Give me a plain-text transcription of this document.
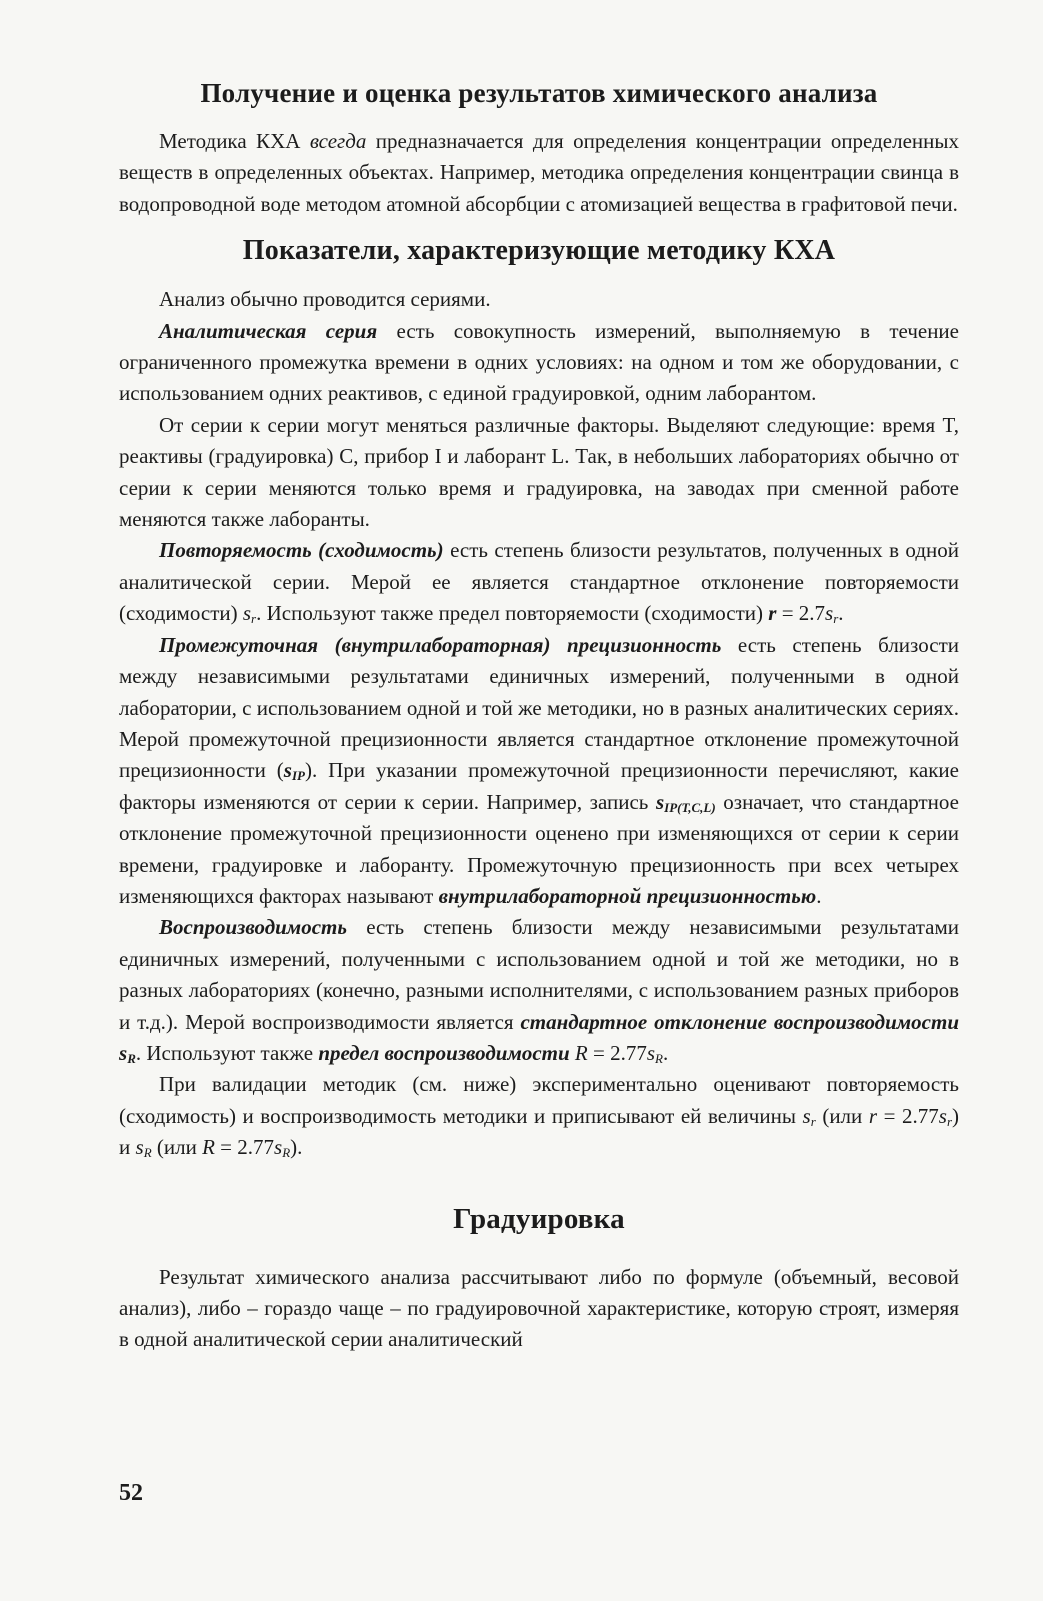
Получение и оценка результатов химического анализа

Методика КХА всегда предназначается для определения концентрации определенных веществ в определенных объектах. Например, методика определения концентрации свинца в водопроводной воде методом атомной абсорбции с атомизацией вещества в графитовой печи.

Показатели, характеризующие методику КХА

Анализ обычно проводится сериями.

Аналитическая серия есть совокупность измерений, выполняемую в течение ограниченного промежутка времени в одних условиях: на одном и том же оборудовании, с использованием одних реактивов, с единой градуировкой, одним лаборантом.

От серии к серии могут меняться различные факторы. Выделяют следующие: время T, реактивы (градуировка) C, прибор I и лаборант L. Так, в небольших лабораториях обычно от серии к серии меняются только время и градуировка, на заводах при сменной работе меняются также лаборанты.

Повторяемость (сходимость) есть степень близости результатов, полученных в одной аналитической серии. Мерой ее является стандартное отклонение повторяемости (сходимости) $s_r$. Используют также предел повторяемости (сходимости) $r = 2.7s_r$.

Промежуточная (внутрилабораторная) прецизионность есть степень близости между независимыми результатами единичных измерений, полученными в одной лаборатории, с использованием одной и той же методики, но в разных аналитических сериях. Мерой промежуточной прецизионности является стандартное отклонение промежуточной прецизионности $(s_{IP})$. При указании промежуточной прецизионности перечисляют, какие факторы изменяются от серии к серии. Например, запись $s_{IP(T,C,L)}$ означает, что стандартное отклонение промежуточной прецизионности оценено при изменяющихся от серии к серии времени, градуировке и лаборанту. Промежуточную прецизионность при всех четырех изменяющихся факторах называют внутрилабораторной прецизионностью.

Воспроизводимость есть степень близости между независимыми результатами единичных измерений, полученными с использованием одной и той же методики, но в разных лабораториях (конечно, разными исполнителями, с использованием разных приборов и т.д.). Мерой воспроизводимости является стандартное отклонение воспроизводимости $s_R$. Используют также предел воспроизводимости $R = 2.77s_R$.

При валидации методик (см. ниже) экспериментально оценивают повторяемость (сходимость) и воспроизводимость методики и приписывают ей величины $s_r$ (или $r = 2.77s_r$) и $s_R$ (или $R = 2.77s_R$).

Градуировка

Результат химического анализа рассчитывают либо по формуле (объемный, весовой анализ), либо – гораздо чаще – по градуировочной характеристике, которую строят, измеряя в одной аналитической серии аналитический

52
